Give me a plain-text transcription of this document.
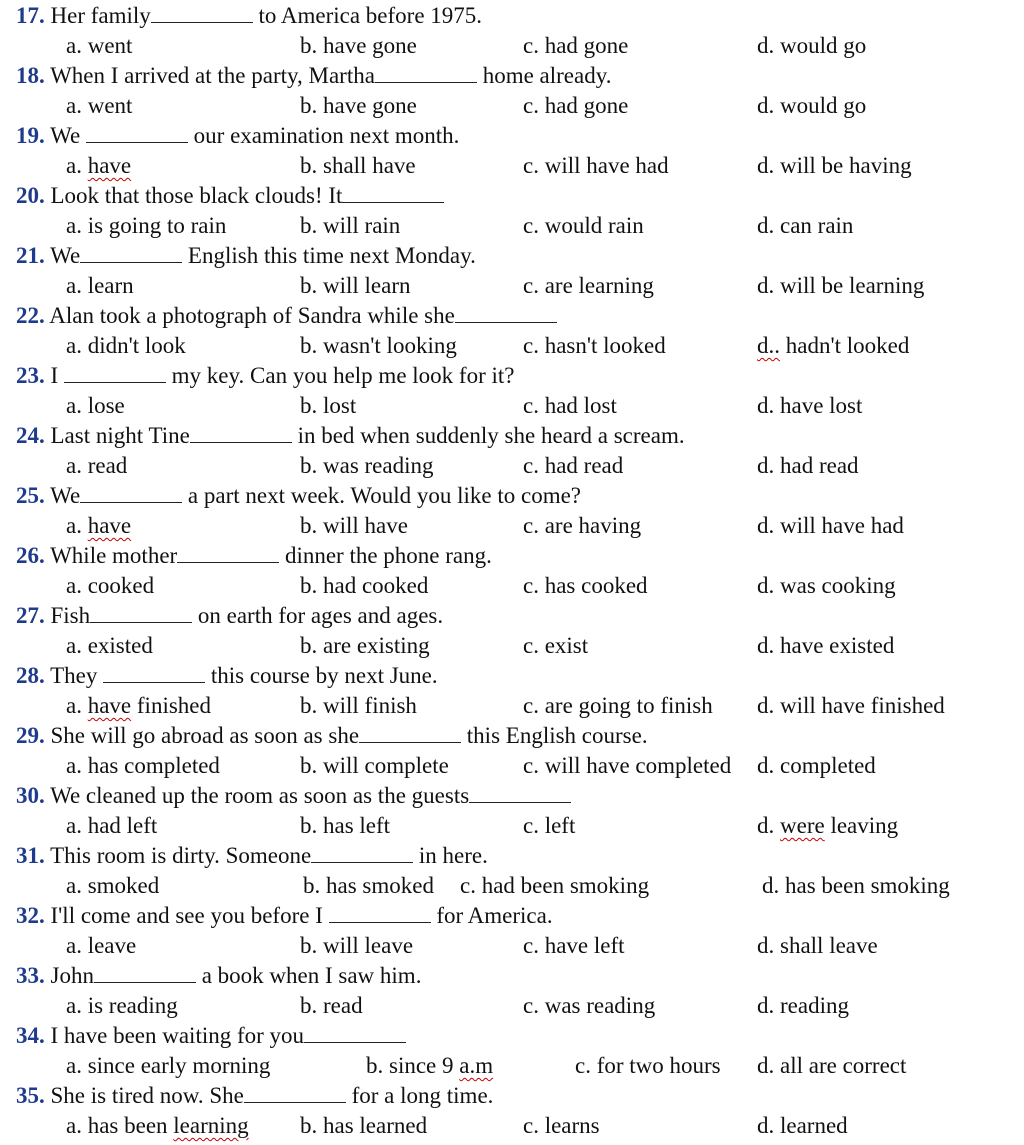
17. Her family	to America before 1975.
a. went	b. have gone	c. had gone	d. would go
18. When I arrived at the party, Martha	home already.
a. went	b. have gone	c. had gone	d. would go
19. We	our examination next month.
a. have	b. shall have	c. will have had	d. will be having
20. Look that those black clouds! It
a. is going to rain	b. will rain	c. would rain	d. can rain
21. We	English this time next Monday.
a. learn	b. will learn	c. are learning	d. will be learning
22. Alan took a photograph of Sandra while she
a. didn't look	b. wasn't looking	c. hasn't looked	d.. hadn't looked
23. I	my key. Can you help me look for it?
a. lose	b. lost	c. had lost	d. have lost
24. Last night Tine	in bed when suddenly she heard a scream.
a. read	b. was reading	c. had read	d. had read
25. We	a part next week. Would you like to come?
a. have	b. will have	c. are having	d. will have had
26. While mother	dinner the phone rang.
a. cooked	b. had cooked	c. has cooked	d. was cooking
27. Fish	on earth for ages and ages.
a. existed	b. are existing	c. exist	d. have existed
28. They	this course by next June.
a. have finished	b. will finish	c. are going to finish d. will have finished
29. She will go abroad as soon as she	this English course.
a. has completed	b. will complete	c. will have completed d. completed
30. We cleaned up the room as soon as the guests
a. had left	b. has left	c. left	d. were leaving
31. This room is dirty. Someone	in here.
a. smoked	b. has smoked c. had been smoking	d. has been smoking
32. I'll come and see you before I	for America.
a. leave	b. will leave	c. have left	d. shall leave
33. John	a book when I saw him.
a. is reading	b. read	c. was reading	d. reading
34. I have been waiting for you
a. since early morning	b. since 9 a.m	c. for two hours d. all are correct
35. She is tired now. She	for a long time.
a. has been learning b. has learned	c. learns	d. learned
